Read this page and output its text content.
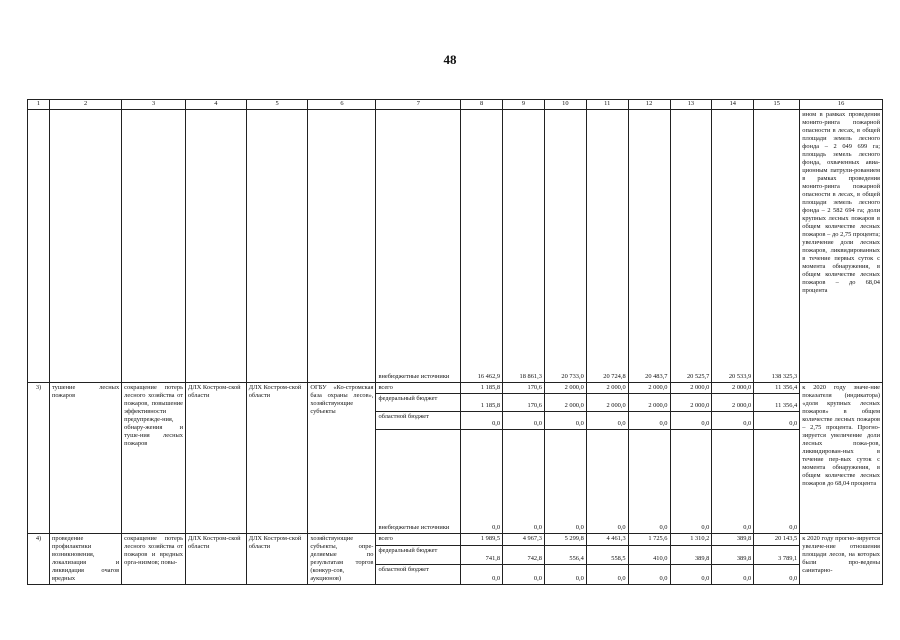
48
1	2	3	4	5	6	7	8	9	10	11	12	13	14	15	16
						внебюджетные источники	16 462,9	18 861,3	20 733,0	20 724,8	20 483,7	20 525,7	20 533,9	138 325,3	ином в рамках проведения монито-ринга пожарной опасности в лесах, в общей площади земель лесного фонда – 2 049 699 га; площадь земель лесного фонда, охваченных авиа-ционным патрули-рованием в рамках проведения монито-ринга пожарной опасности в лесах, в общей площади земель лесного фонда – 2 582 694 га; доли крупных лесных пожаров в общем количестве лесных пожаров – до 2,75 процента; увеличение доли лесных пожаров, ликвидированных в течение первых суток с момента обнаружения, в общем количестве лесных пожаров – до 68,04 процента
3)	тушение лесных пожаров	сокращение потерь лесного хозяйства от пожаров, повышение эффективности предупрежде-ния, обнару-жения и туше-ния лесных пожаров	ДЛХ Костром-ской области	ДЛХ Костром-ской области	ОГБУ «Ко-стромская база охраны лесов», хозяйствующие субъекты	всего	1 185,8	170,6	2 000,0	2 000,0	2 000,0	2 000,0	2 000,0	11 356,4	к 2020 году значе-ние показателя (индикатора) «доля крупных лесных пожаров» в общем количестве лесных пожаров – 2,75 процента. Прогно-зируется увеличение доли лесных пожа-ров, ликвидирован-ных в течение пер-вых суток с момента обнаружения, в общем количестве лесных пожаров до 68,04 процента
						федеральный бюджет	1 185,8	170,6	2 000,0	2 000,0	2 000,0	2 000,0	2 000,0	11 356,4	
						областной бюджет	0,0	0,0	0,0	0,0	0,0	0,0	0,0	0,0	
						внебюджетные источники	0,0	0,0	0,0	0,0	0,0	0,0	0,0	0,0	
4)	проведение профилактики возникновения, локализация и ликвидация очагов вредных	сокращение потерь лесного хозяйства от пожаров и вредных орга-низмов; повы-	ДЛХ Костром-ской области	ДЛХ Костром-ской области	хозяйствующие субъекты, опре-деляемые по результатам торгов (конкур-сов, аукционов)	всего	1 989,5	4 967,3	5 299,8	4 461,3	1 725,6	1 310,2	389,8	20 143,5	к 2020 году прогно-зируется увеличе-ние отношения площади лесов, на которых были про-ведены санитарно-
						федеральный бюджет	741,8	742,8	556,4	558,5	410,0	389,8	389,8	3 789,1	
						областной бюджет	0,0	0,0	0,0	0,0	0,0	0,0	0,0	0,0	
